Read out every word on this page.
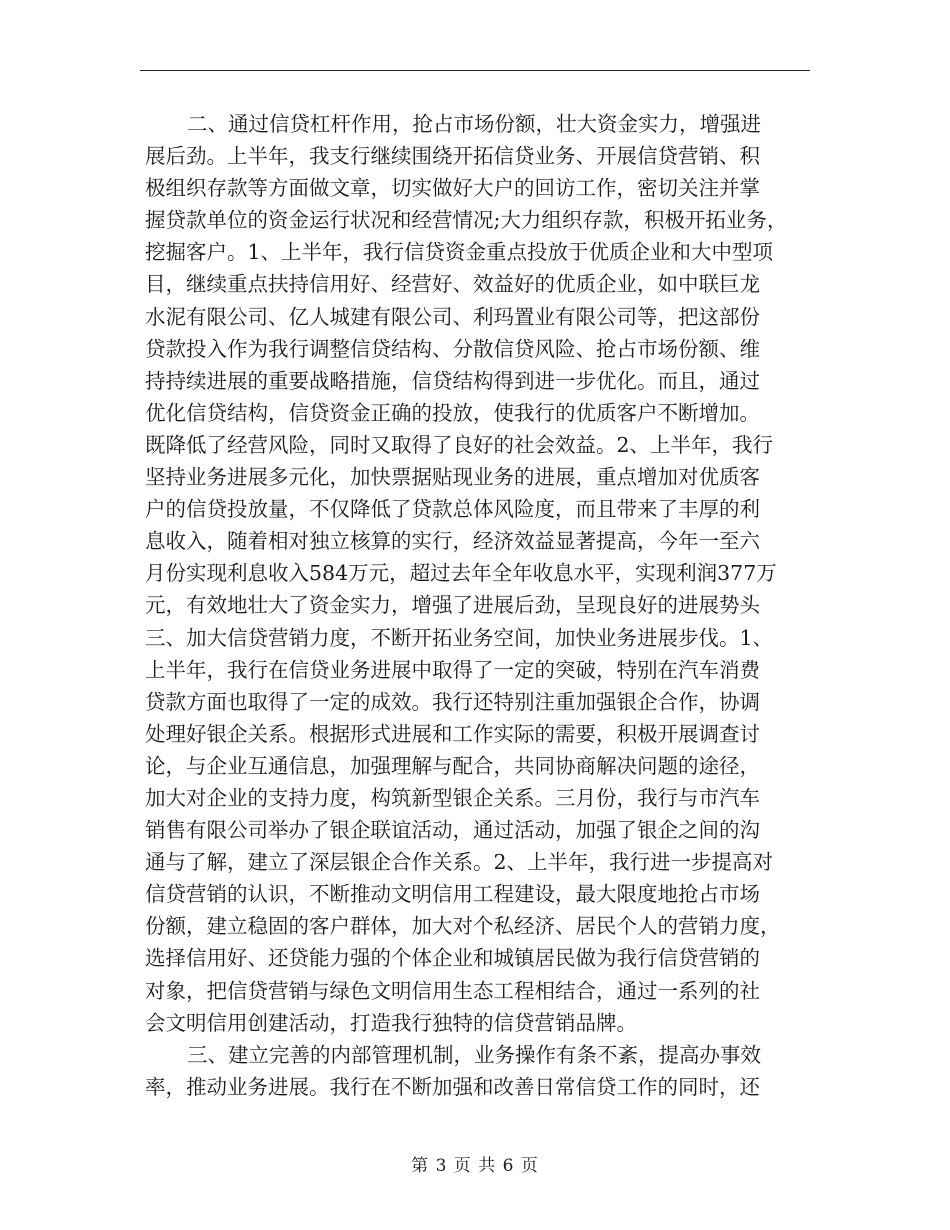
二、通过信贷杠杆作用，抢占市场份额，壮大资金实力，增强进
展后劲。上半年，我支行继续围绕开拓信贷业务、开展信贷营销、积
极组织存款等方面做文章，切实做好大户的回访工作，密切关注并掌
握贷款单位的资金运行状况和经营情况;大力组织存款，积极开拓业务，
挖掘客户。1、上半年，我行信贷资金重点投放于优质企业和大中型项
目，继续重点扶持信用好、经营好、效益好的优质企业，如中联巨龙
水泥有限公司、亿人城建有限公司、利玛置业有限公司等，把这部份
贷款投入作为我行调整信贷结构、分散信贷风险、抢占市场份额、维
持持续进展的重要战略措施，信贷结构得到进一步优化。而且，通过
优化信贷结构，信贷资金正确的投放，使我行的优质客户不断增加。
既降低了经营风险，同时又取得了良好的社会效益。2、上半年，我行
坚持业务进展多元化，加快票据贴现业务的进展，重点增加对优质客
户的信贷投放量，不仅降低了贷款总体风险度，而且带来了丰厚的利
息收入，随着相对独立核算的实行，经济效益显著提高，今年一至六
月份实现利息收入584万元，超过去年全年收息水平，实现利润377万
元，有效地壮大了资金实力，增强了进展后劲，呈现良好的进展势头
三、加大信贷营销力度，不断开拓业务空间，加快业务进展步伐。1、
上半年，我行在信贷业务进展中取得了一定的突破，特别在汽车消费
贷款方面也取得了一定的成效。我行还特别注重加强银企合作，协调
处理好银企关系。根据形式进展和工作实际的需要，积极开展调查讨
论，与企业互通信息，加强理解与配合，共同协商解决问题的途径，
加大对企业的支持力度，构筑新型银企关系。三月份，我行与市汽车
销售有限公司举办了银企联谊活动，通过活动，加强了银企之间的沟
通与了解，建立了深层银企合作关系。2、上半年，我行进一步提高对
信贷营销的认识，不断推动文明信用工程建设，最大限度地抢占市场
份额，建立稳固的客户群体，加大对个私经济、居民个人的营销力度，
选择信用好、还贷能力强的个体企业和城镇居民做为我行信贷营销的
对象，把信贷营销与绿色文明信用生态工程相结合，通过一系列的社
会文明信用创建活动，打造我行独特的信贷营销品牌。
三、建立完善的内部管理机制，业务操作有条不紊，提高办事效
率，推动业务进展。我行在不断加强和改善日常信贷工作的同时，还
第 3 页 共 6 页
